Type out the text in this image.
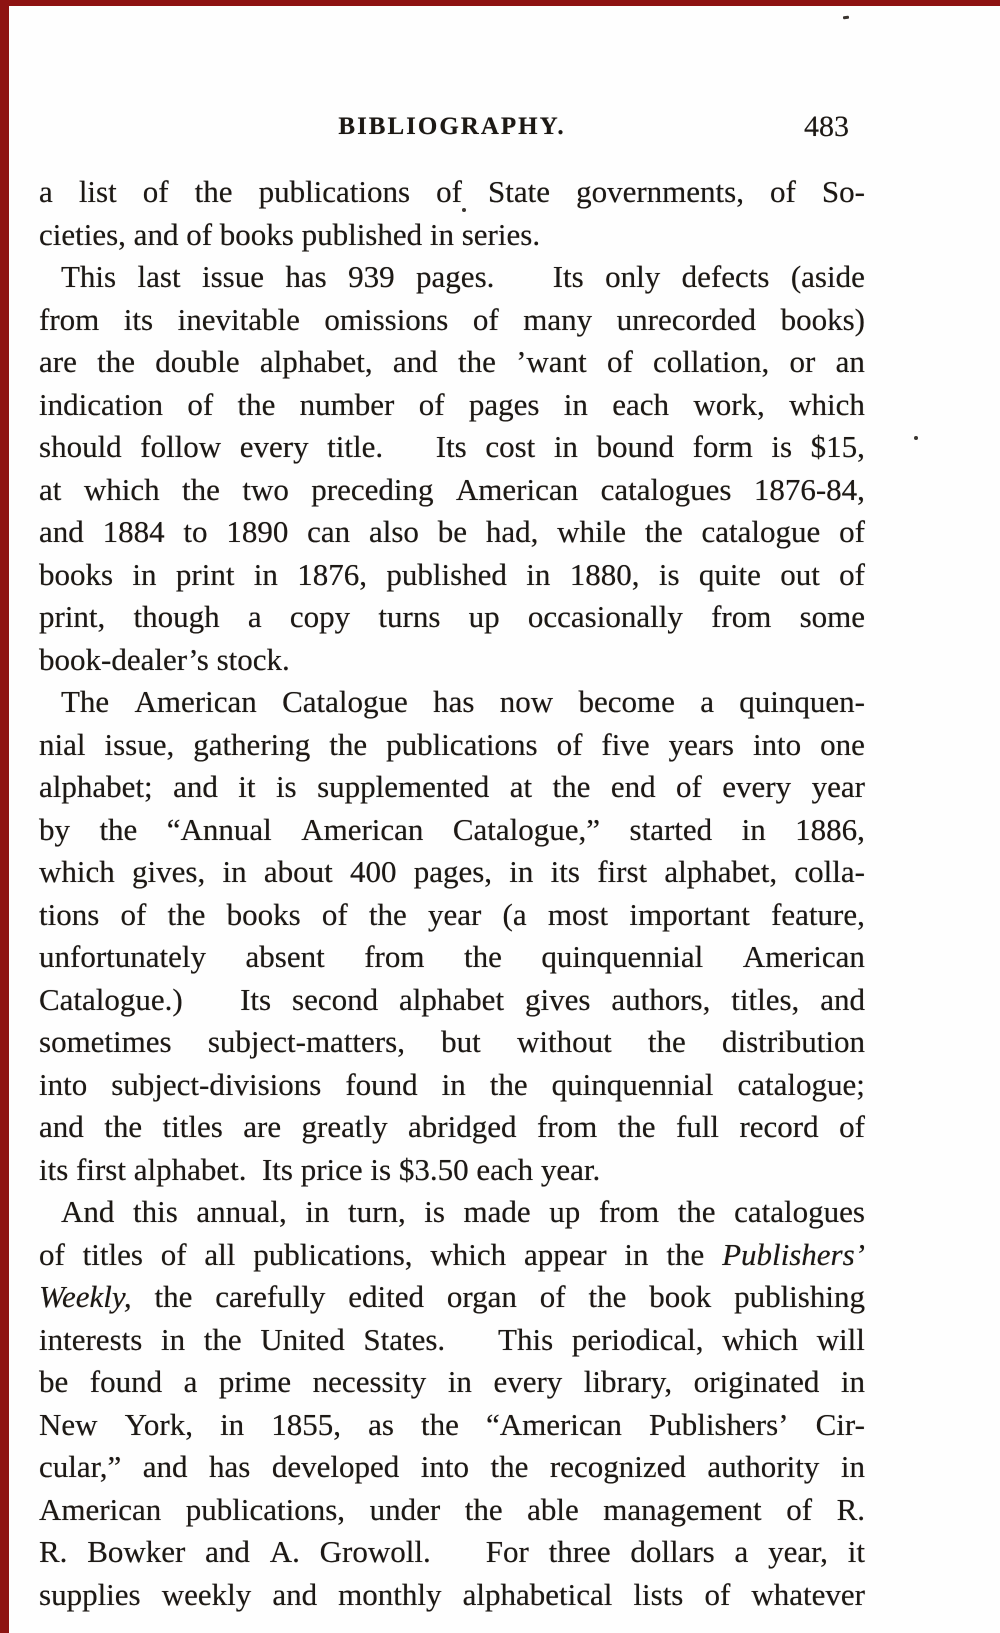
BIBLIOGRAPHY.	483
a list of the publications of State governments, of So-
cieties, and of books published in series.
This last issue has 939 pages.
  Its only defects (aside
from its inevitable omissions of many unrecorded books)
are the double alphabet, and the ’want of collation, or an
indication of the number of pages in each work, which
should follow every title.
  Its cost in bound form is $15,
at which the two preceding American catalogues 1876-84,
and 1884 to 1890 can also be had, while the catalogue of
books in print in 1876, published in 1880, is quite out of
print, though a copy turns up occasionally from some
book-dealer’s stock.
The American Catalogue has now become a quinquen-
nial issue, gathering the publications of five years into one
alphabet; and it is supplemented at the end of every year
by the “Annual American Catalogue,” started in 1886,
which gives, in about 400 pages, in its first alphabet, colla-
tions of the books of the year (a most important feature,
unfortunately absent from the quinquennial American
Catalogue.)
  Its second alphabet gives authors, titles, and
sometimes subject-matters, but without the distribution
into subject-divisions found in the quinquennial catalogue;
and the titles are greatly abridged from the full record of
its first alphabet.  Its price is $3.50 each year.
And this annual, in turn, is made up from the catalogues
of titles of all publications, which appear in the Publishers’
Weekly, the carefully edited organ of the book publishing
interests in the United States.
  This periodical, which will
be found a prime necessity in every library, originated in
New York, in 1855, as the “American Publishers’ Cir-
cular,” and has developed into the recognized authority in
American publications, under the able management of R.
R. Bowker and A. Growoll.
  For three dollars a year, it
supplies weekly and monthly alphabetical lists of whatever
